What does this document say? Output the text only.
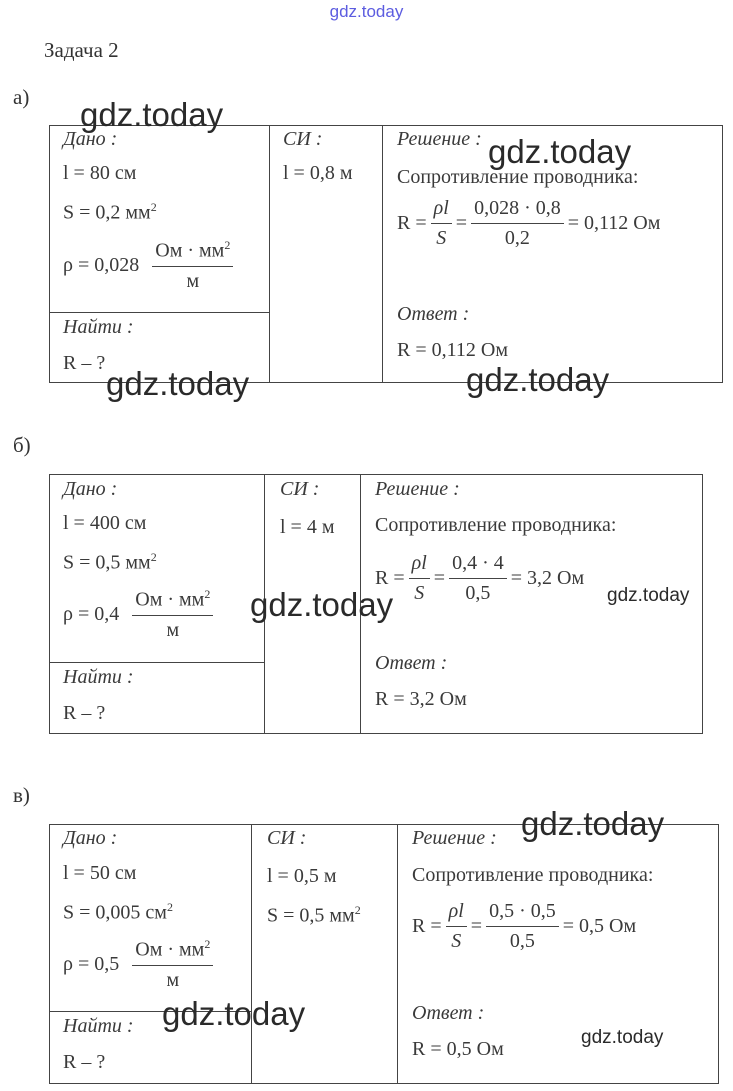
gdz.today
Задача 2
а)
Дано :
l = 80 см
S = 0,2 $мм^2$
$\rho = 0,028 \frac{Ом \cdot мм^2}{м}$
Найти :
R – ?
СИ :
l = 0,8 м
Решение :
Сопротивление проводника:
$R = \frac{\rho l}{S} = \frac{0,028 \cdot 0,8}{0,2} = 0,112$ Ом
Ответ :
R = 0,112 Ом
б)
Дано :
l = 400 см
S = 0,5 $мм^2$
$\rho = 0,4 \frac{Ом \cdot мм^2}{м}$
Найти :
R – ?
СИ :
l = 4 м
Решение :
Сопротивление проводника:
$R = \frac{\rho l}{S} = \frac{0,4 \cdot 4}{0,5} = 3,2$ Ом
Ответ :
R = 3,2 Ом
в)
Дано :
l = 50 см
S = 0,005 $см^2$
$\rho = 0,5 \frac{Ом \cdot мм^2}{м}$
Найти :
R – ?
СИ :
l = 0,5 м
S = 0,5 $мм^2$
Решение :
Сопротивление проводника:
$R = \frac{\rho l}{S} = \frac{0,5 \cdot 0,5}{0,5} = 0,5$ Ом
Ответ :
R = 0,5 Ом
gdz.today
gdz.today
gdz.today	gdz.today
gdz.today	gdz.today
gdz.today
gdz.today
gdz.today
